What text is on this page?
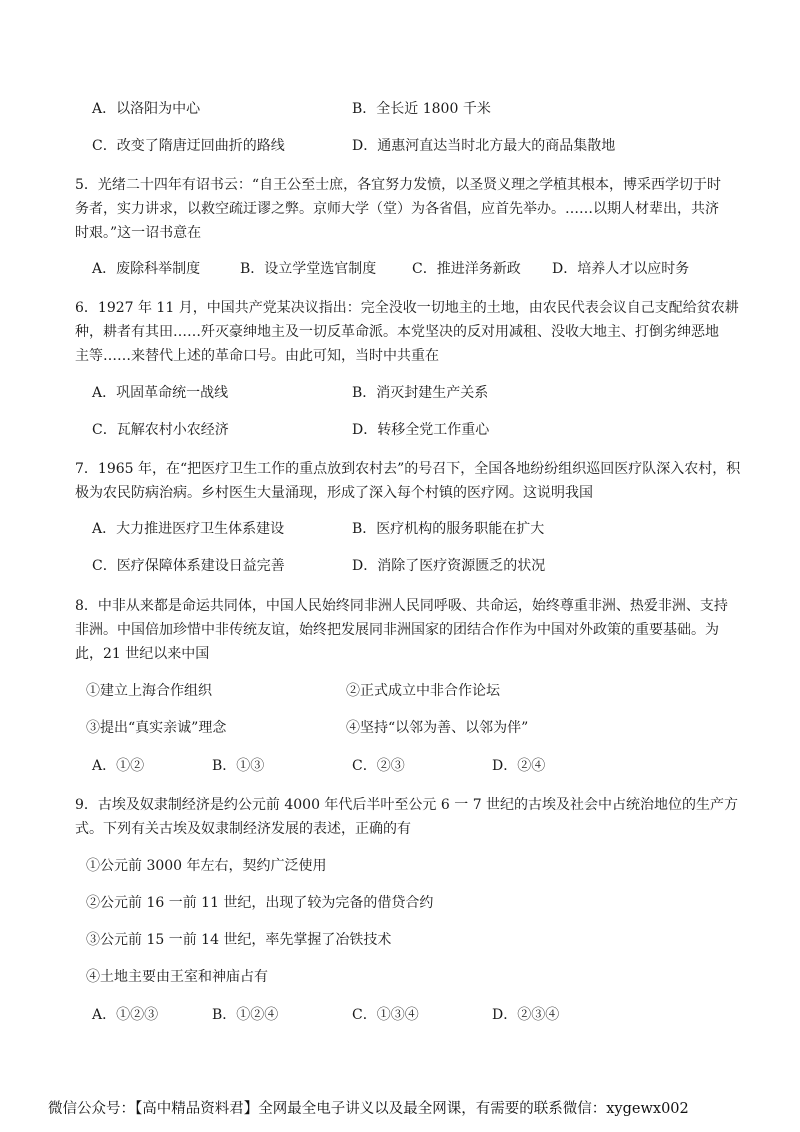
A．以洛阳为中心	B．全长近 1800 千米
C．改变了隋唐迂回曲折的路线	D．通惠河直达当时北方最大的商品集散地
5．光绪二十四年有诏书云：“自王公至士庶，各宜努力发愤，以圣贤义理之学植其根本，博采西学切于时
务者，实力讲求，以救空疏迂谬之弊。京师大学（堂）为各省倡，应首先举办。……以期人材辈出，共济
时艰。”这一诏书意在
A．废除科举制度	B．设立学堂选官制度	C．推进洋务新政 D．培养人才以应时务
6．1927 年 11 月，中国共产党某决议指出：完全没收一切地主的土地，由农民代表会议自己支配给贫农耕
种，耕者有其田……歼灭豪绅地主及一切反革命派。本党坚决的反对用减租、没收大地主、打倒劣绅恶地
主等……来替代上述的革命口号。由此可知，当时中共重在
A．巩固革命统一战线	B．消灭封建生产关系
C．瓦解农村小农经济	D．转移全党工作重心
7．1965 年，在“把医疗卫生工作的重点放到农村去”的号召下，全国各地纷纷组织巡回医疗队深入农村，积
极为农民防病治病。乡村医生大量涌现，形成了深入每个村镇的医疗网。这说明我国
A．大力推进医疗卫生体系建设	B．医疗机构的服务职能在扩大
C．医疗保障体系建设日益完善	D．消除了医疗资源匮乏的状况
8．中非从来都是命运共同体，中国人民始终同非洲人民同呼吸、共命运，始终尊重非洲、热爱非洲、支持
非洲。中国倍加珍惜中非传统友谊，始终把发展同非洲国家的团结合作作为中国对外政策的重要基础。为
此，21 世纪以来中国
①建立上海合作组织	②正式成立中非合作论坛
③提出“真实亲诚”理念	④坚持“以邻为善、以邻为伴”
A．①②	B．①③	C．②③	D．②④
9．古埃及奴隶制经济是约公元前 4000 年代后半叶至公元 6 一 7 世纪的古埃及社会中占统治地位的生产方
式。下列有关古埃及奴隶制经济发展的表述，正确的有
①公元前 3000 年左右，契约广泛使用
②公元前 16 一前 11 世纪，出现了较为完备的借贷合约
③公元前 15 一前 14 世纪，率先掌握了冶铁技术
④土地主要由王室和神庙占有
A．①②③	B．①②④	C．①③④	D．②③④
微信公众号：【高中精品资料君】全网最全电子讲义以及最全网课，有需要的联系微信：xygewx002
